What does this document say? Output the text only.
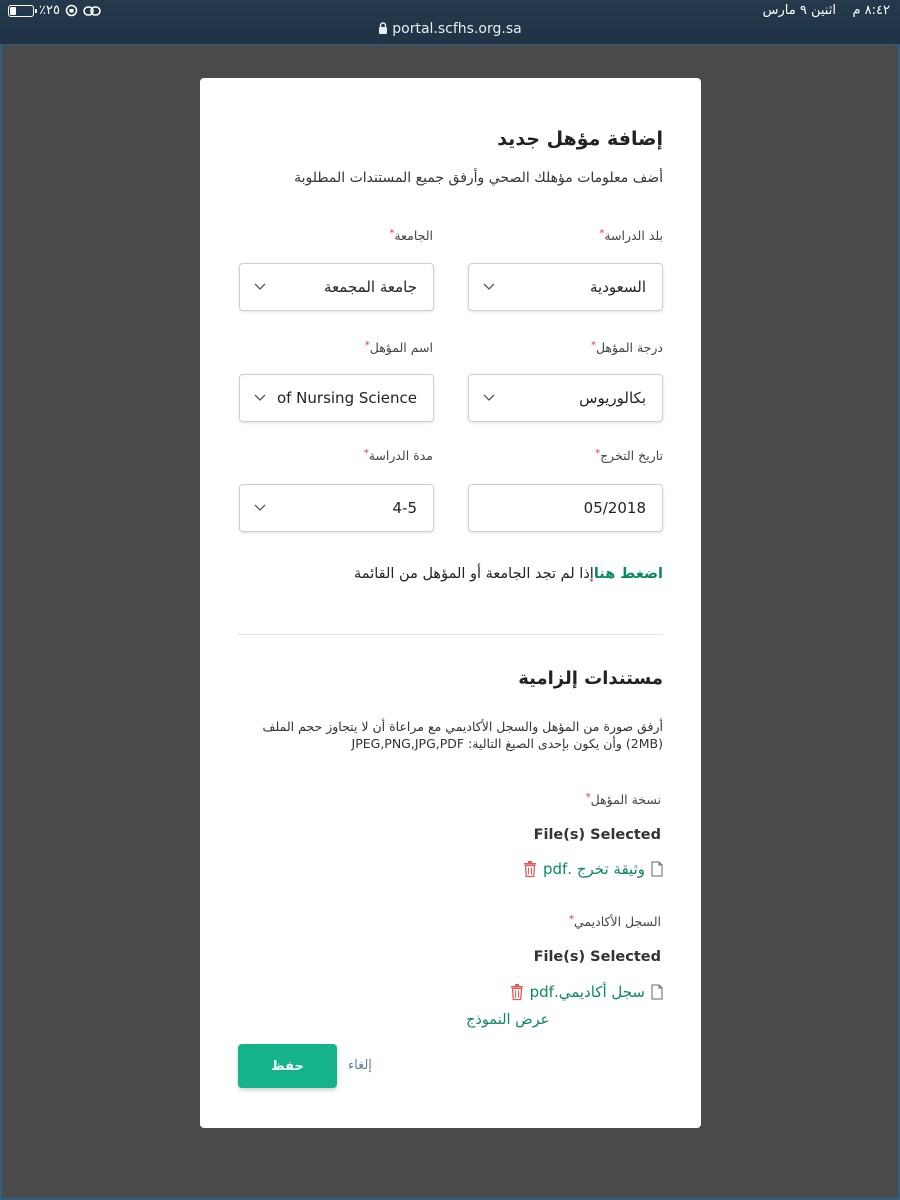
٪٢٥	٨:٤٢ م    اثنين ٩ مارس
portal.scfhs.org.sa
إضافة مؤهل جديد
أضف معلومات مؤهلك الصحي وأرفق جميع المستندات المطلوبة
بلد الدراسة*
السعودية
الجامعة*
جامعة المجمعة
درجة المؤهل*
بكالوريوس
اسم المؤهل*
of Nursing Science
تاريخ التخرج*
05/2018
مدة الدراسة*
4-5
اضغط هناإذا لم تجد الجامعة أو المؤهل من القائمة
مستندات إلزامية
أرفق صورة من المؤهل والسجل الأكاديمي مع مراعاة أن لا يتجاوز حجم الملف (2MB) وأن يكون بإحدى الصيغ التالية: JPEG,PNG,JPG,PDF
نسخة المؤهل*
File(s) Selected
وثيقة تخرج .pdf
السجل الأكاديمي*
File(s) Selected
سجل أكاديمي.pdf
عرض النموذج
حفظ	إلغاء
